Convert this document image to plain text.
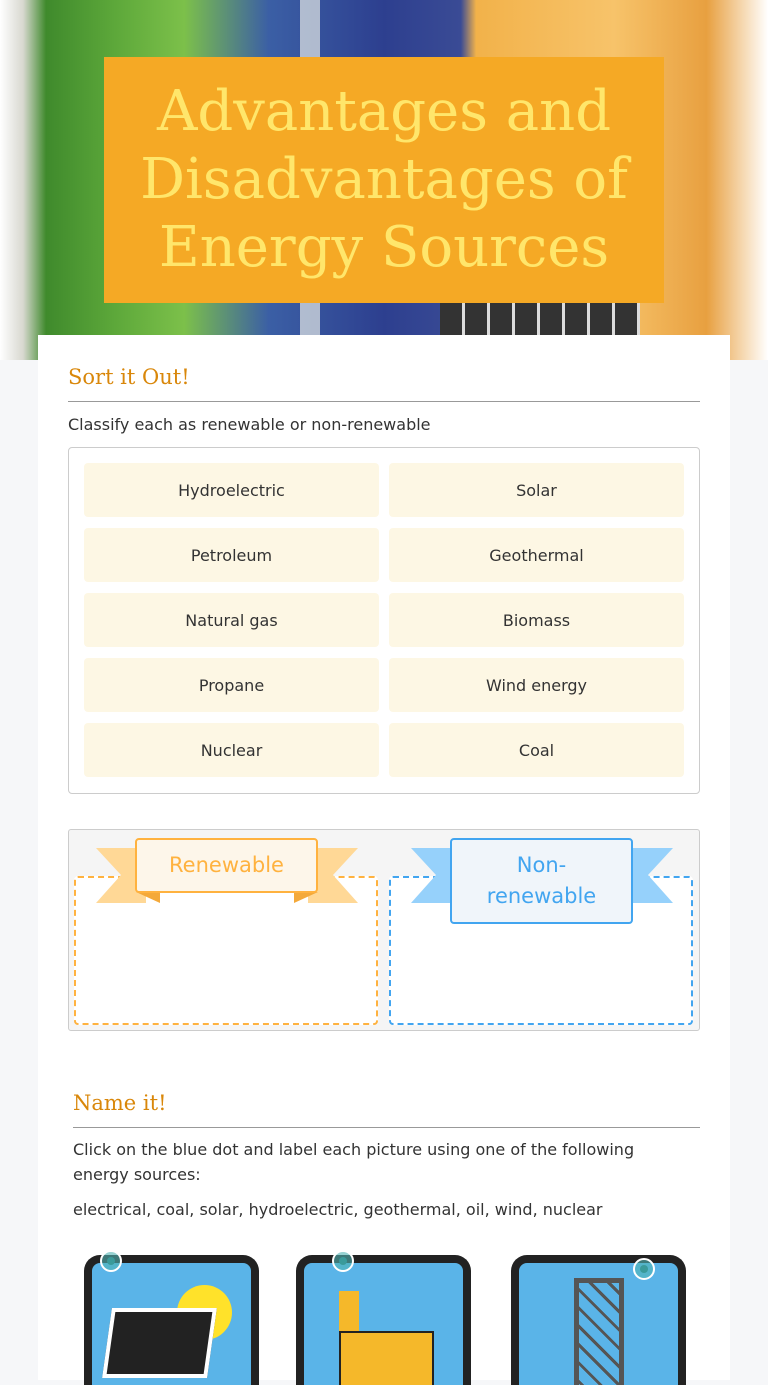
Advantages and Disadvantages of Energy Sources
Sort it Out!
Classify each as renewable or non-renewable
Hydroelectric	Solar
Petroleum	Geothermal
Natural gas	Biomass
Propane	Wind energy
Nuclear	Coal
Renewable	Non-renewable
Name it!
Click on the blue dot and label each picture using one of the following energy sources:
electrical, coal, solar, hydroelectric, geothermal, oil, wind, nuclear
